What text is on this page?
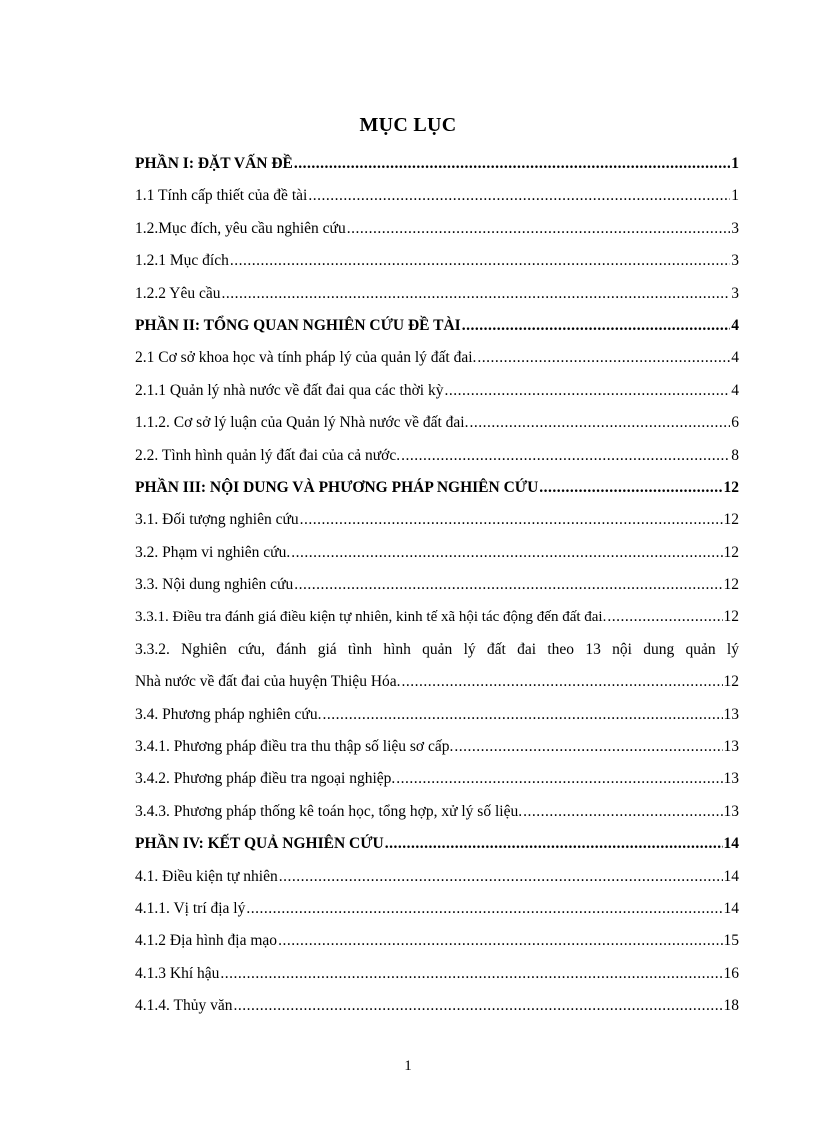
MỤC LỤC
PHẦN I: ĐẶT VẤN ĐỀ .....	1
1.1 Tính cấp thiết của đề tài .....	1
1.2.Mục đích, yêu cầu nghiên cứu .....	3
1.2.1 Mục đích .....	3
1.2.2 Yêu cầu .....	3
PHẦN II: TỔNG QUAN NGHIÊN CỨU ĐỀ TÀI .....	4
2.1 Cơ sở khoa học và tính pháp lý của quản lý đất đai. .....	4
2.1.1 Quản lý nhà nước về đất đai qua các thời kỳ .....	4
1.1.2. Cơ sở lý luận của Quản lý Nhà nước về đất đai. .....	6
2.2. Tình hình quản lý đất đai của cả nước. .....	8
PHẦN III: NỘI DUNG VÀ PHƯƠNG PHÁP NGHIÊN CỨU .....	12
3.1. Đối tượng nghiên cứu .....	12
3.2. Phạm vi nghiên cứu. .....	12
3.3. Nội dung nghiên cứu .....	12
3.3.1. Điều tra đánh giá điều kiện tự nhiên, kinh tế xã hội tác động đến đất đai. .....	12
3.3.2. Nghiên cứu, đánh giá tình hình quản lý đất đai theo 13 nội dung quản lý
Nhà nước về đất đai của huyện Thiệu Hóa. .....	12
3.4. Phương pháp nghiên cứu. .....	13
3.4.1. Phương pháp điều tra thu thập số liệu sơ cấp. .....	13
3.4.2. Phương pháp điều tra ngoại nghiệp. .....	13
3.4.3. Phương pháp thống kê toán học, tổng hợp, xử lý số liệu. .....	13
PHẦN IV: KẾT QUẢ NGHIÊN CỨU .....	14
4.1. Điều kiện tự nhiên .....	14
4.1.1. Vị trí địa lý .....	14
4.1.2 Địa hình địa mạo .....	15
4.1.3 Khí hậu .....	16
4.1.4. Thủy văn .....	18
1
